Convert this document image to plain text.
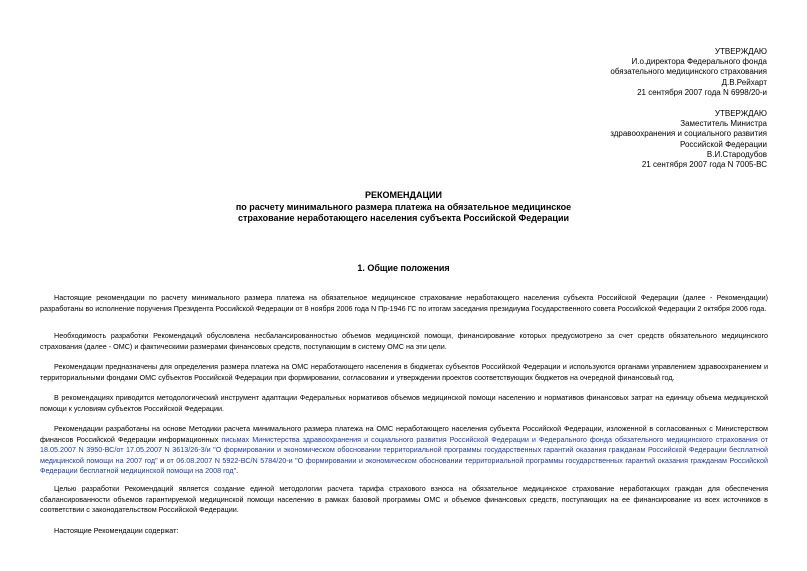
УТВЕРЖДАЮ
И.о.директора Федерального фонда
обязательного медицинского страхования
Д.В.Рейхарт
21 сентября 2007 года N 6998/20-и
УТВЕРЖДАЮ
Заместитель Министра
здравоохранения и социального развития
Российской Федерации
В.И.Стародубов
21 сентября 2007 года N 7005-ВС
РЕКОМЕНДАЦИИ
по расчету минимального размера платежа на обязательное медицинское
страхование неработающего населения субъекта Российской Федерации
1. Общие положения
Настоящие рекомендации по расчету минимального размера платежа на обязательное медицинское страхование неработающего населения субъекта Российской Федерации (далее - Рекомендации) разработаны во исполнение поручения Президента Российской Федерации от 8 ноября 2006 года N Пр-1946 ГС по итогам заседания президиума Государственного совета Российской Федерации 2 октября 2006 года.
Необходимость разработки Рекомендаций обусловлена несбалансированностью объемов медицинской помощи, финансирование которых предусмотрено за счет средств обязательного медицинского страхования (далее - ОМС) и фактическими размерами финансовых средств, поступающим в систему ОМС на эти цели.
Рекомендации предназначены для определения размера платежа на ОМС неработающего населения в бюджетах субъектов Российской Федерации и используются органами управлением здравоохранением и территориальными фондами ОМС субъектов Российской Федерации при формировании, согласовании и утверждении проектов соответствующих бюджетов на очередной финансовый год.
В рекомендациях приводится методологический инструмент адаптации Федеральных нормативов объемов медицинской помощи населению и нормативов финансовых затрат на единицу объема медицинской помощи к условиям субъектов Российской Федерации.
Рекомендации разработаны на основе Методики расчета минимального размера платежа на ОМС неработающего населения субъекта Российской Федерации, изложенной в согласованных с Министерством финансов Российской Федерации информационных письмах Министерства здравоохранения и социального развития Российской Федерации и Федерального фонда обязательного медицинского страхования от 18.05.2007 N 3950-ВС/от 17.05.2007 N 3613/26-3/и "О формировании и экономическом обосновании территориальной программы государственных гарантий оказания гражданам Российской Федерации бесплатной медицинской помощи на 2007 год" и от 06.08.2007 N 5922-ВС/N 5784/20-и "О формировании и экономическом обосновании территориальной программы государственных гарантий оказания гражданам Российской Федерации бесплатной медицинской помощи на 2008 год".
Целью разработки Рекомендаций является создание единой методологии расчета тарифа страхового взноса на обязательное медицинское страхование неработающих граждан для обеспечения сбалансированности объемов гарантируемой медицинской помощи населению в рамках базовой программы ОМС и объемов финансовых средств, поступающих на ее финансирование из всех источников в соответствии с законодательством Российской Федерации.
Настоящие Рекомендации содержат:
